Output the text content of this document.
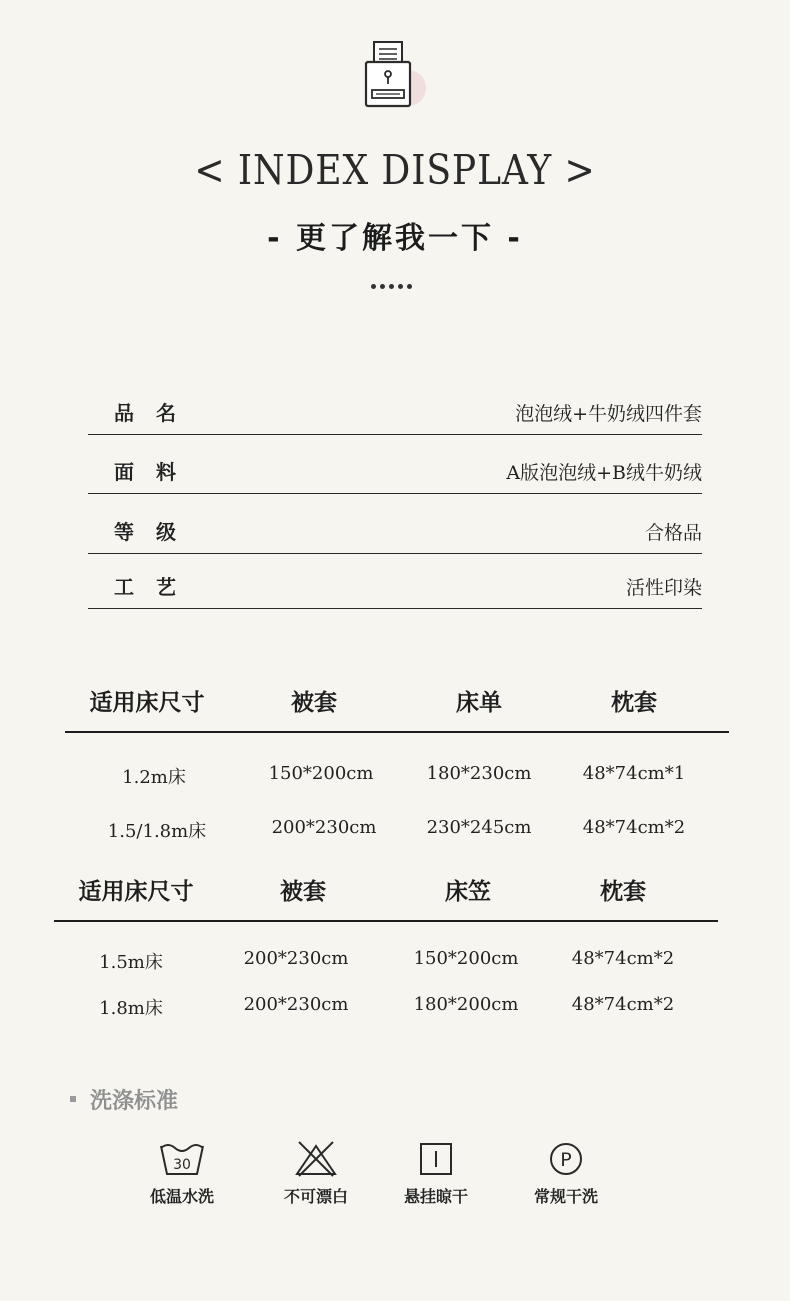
< INDEX DISPLAY >
- 更了解我一下 -
品名	泡泡绒+牛奶绒四件套
面料	A版泡泡绒+B绒牛奶绒
等级	合格品
工艺	活性印染
适用床尺寸	被套	床单	枕套
1.2m床	150*200cm	180*230cm	48*74cm*1
1.5/1.8m床	200*230cm	230*245cm	48*74cm*2
适用床尺寸	被套	床笠	枕套
1.5m床	200*230cm	150*200cm	48*74cm*2
1.8m床	200*230cm	180*200cm	48*74cm*2
洗涤标准
30
低温水洗	不可漂白	悬挂晾干
P
常规干洗
